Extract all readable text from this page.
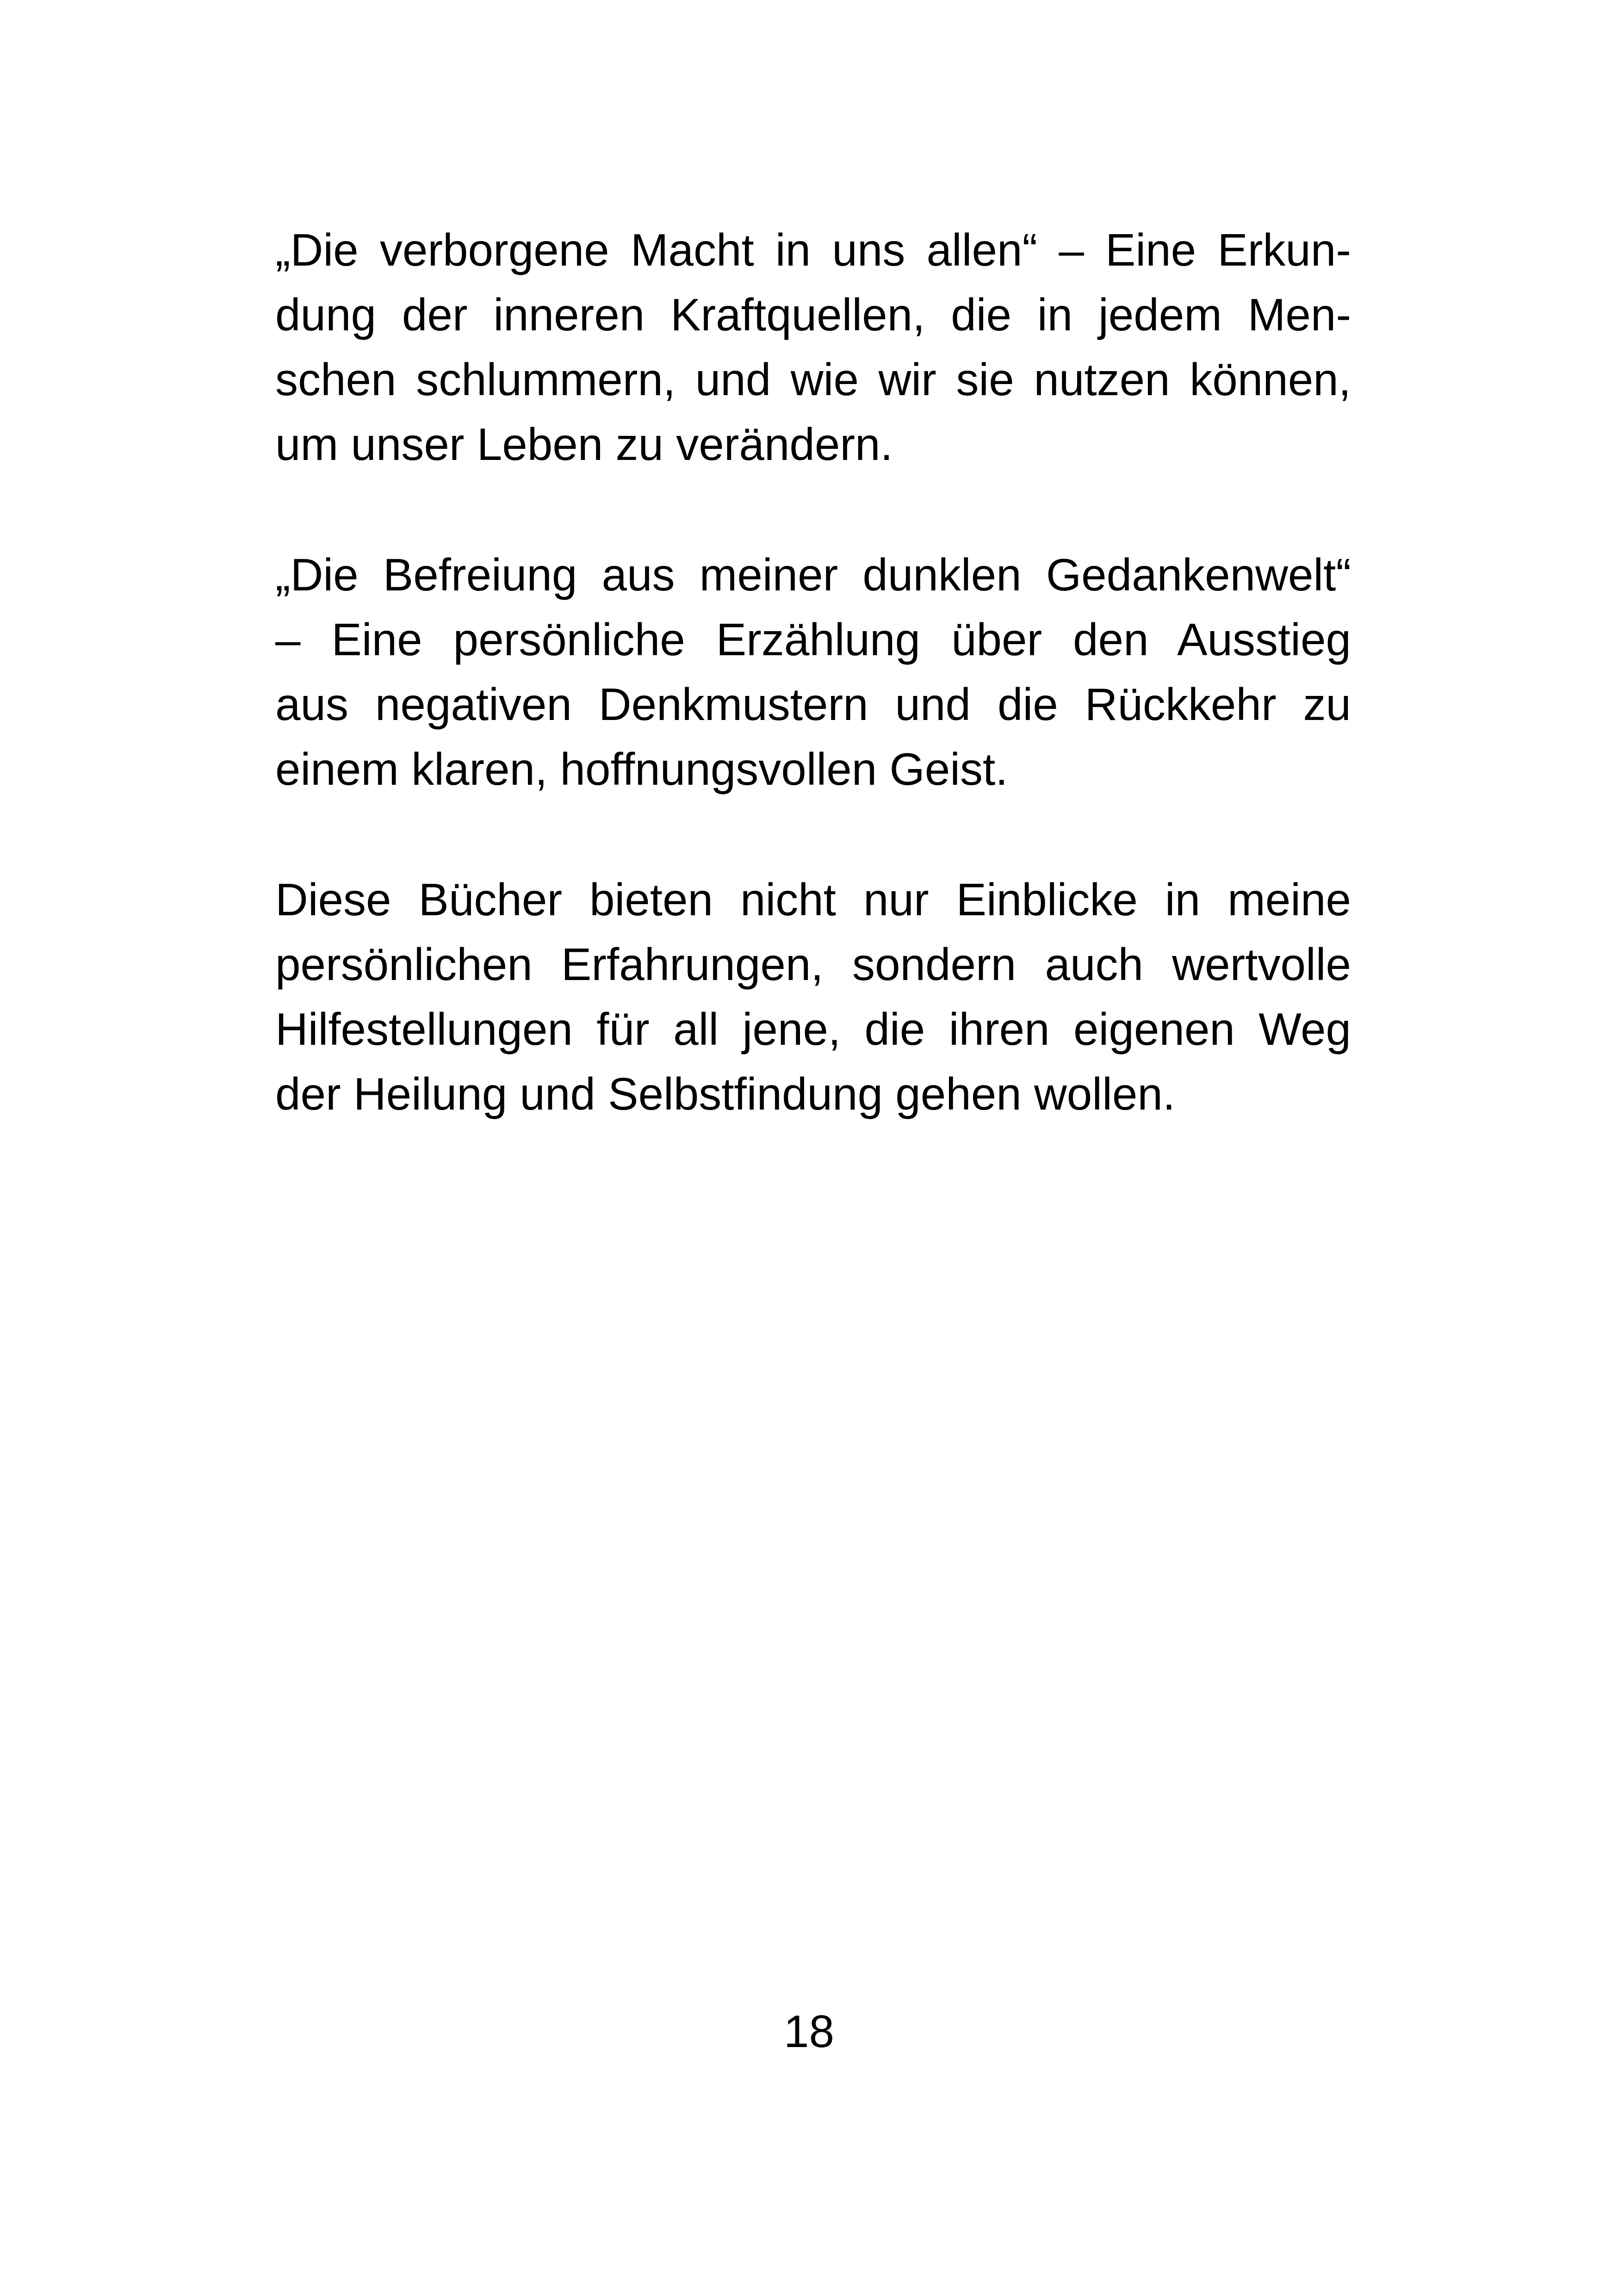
„Die verborgene Macht in uns allen“ – Eine Erkun-
dung der inneren Kraftquellen, die in jedem Men-
schen schlummern, und wie wir sie nutzen können,
um unser Leben zu verändern.

„Die Befreiung aus meiner dunklen Gedankenwelt“
– Eine persönliche Erzählung über den Ausstieg
aus negativen Denkmustern und die Rückkehr zu
einem klaren, hoffnungsvollen Geist.

Diese Bücher bieten nicht nur Einblicke in meine
persönlichen Erfahrungen, sondern auch wertvolle
Hilfestellungen für all jene, die ihren eigenen Weg
der Heilung und Selbstfindung gehen wollen.

18
